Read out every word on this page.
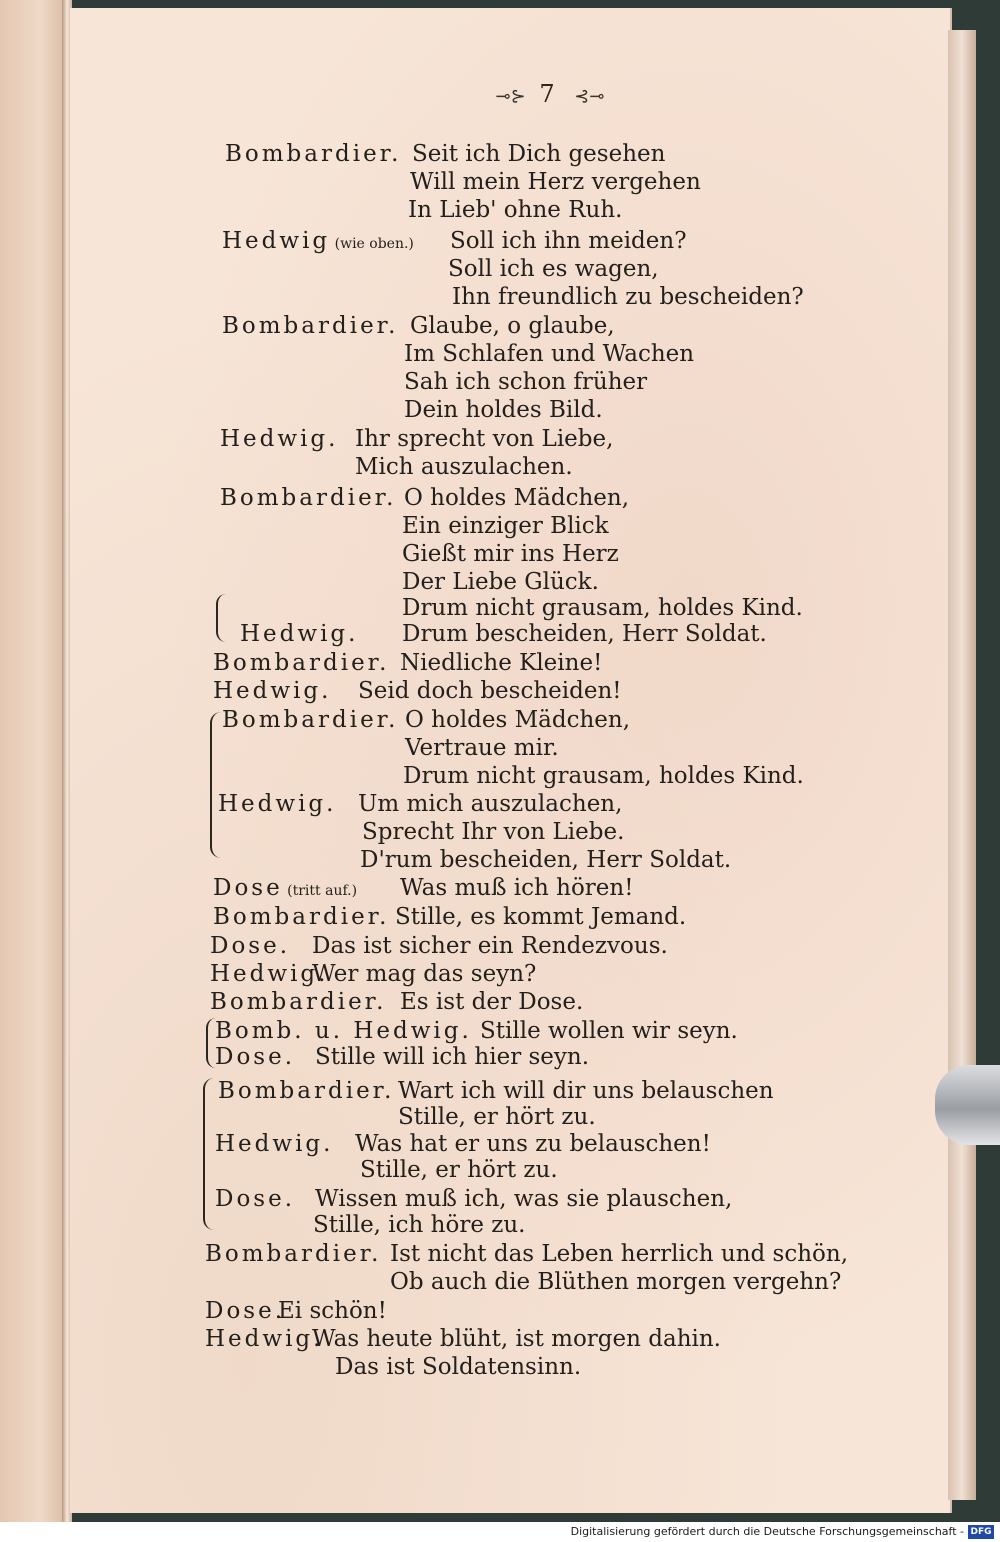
⊸⊱ 7 ⊰⊸
Bombardier. Seit ich Dich gesehen
Will mein Herz vergehen
In Lieb' ohne Ruh.
Hedwig (wie oben.) Soll ich ihn meiden?
Soll ich es wagen,
Ihn freundlich zu bescheiden?
Bombardier. Glaube, o glaube,
Im Schlafen und Wachen
Sah ich schon früher
Dein holdes Bild.
Hedwig. Ihr sprecht von Liebe,
Mich auszulachen.
Bombardier. O holdes Mädchen,
Ein einziger Blick
Gießt mir ins Herz
Der Liebe Glück.
Drum nicht grausam, holdes Kind.
Hedwig. Drum bescheiden, Herr Soldat.
Bombardier. Niedliche Kleine!
Hedwig. Seid doch bescheiden!
Bombardier. O holdes Mädchen,
Vertraue mir.
Drum nicht grausam, holdes Kind.
Hedwig. Um mich auszulachen,
Sprecht Ihr von Liebe.
D'rum bescheiden, Herr Soldat.
Dose (tritt auf.) Was muß ich hören!
Bombardier. Stille, es kommt Jemand.
Dose. Das ist sicher ein Rendezvous.
Hedwig.
Wer mag das seyn?
Bombardier. Es ist der Dose.
Bomb. u. Hedwig. Stille wollen wir seyn.
Dose. Stille will ich hier seyn.
Bombardier. Wart ich will dir uns belauschen
Stille, er hört zu.
Hedwig. Was hat er uns zu belauschen!
Stille, er hört zu.
Dose. Wissen muß ich, was sie plauschen,
Stille, ich höre zu.
Bombardier. Ist nicht das Leben herrlich und schön,
Ob auch die Blüthen morgen vergehn?
Dose.
Ei schön!
Hedwig.
Was heute blüht, ist morgen dahin.
Das ist Soldatensinn.
Digitalisierung gefördert durch die Deutsche Forschungsgemeinschaft - DFG
